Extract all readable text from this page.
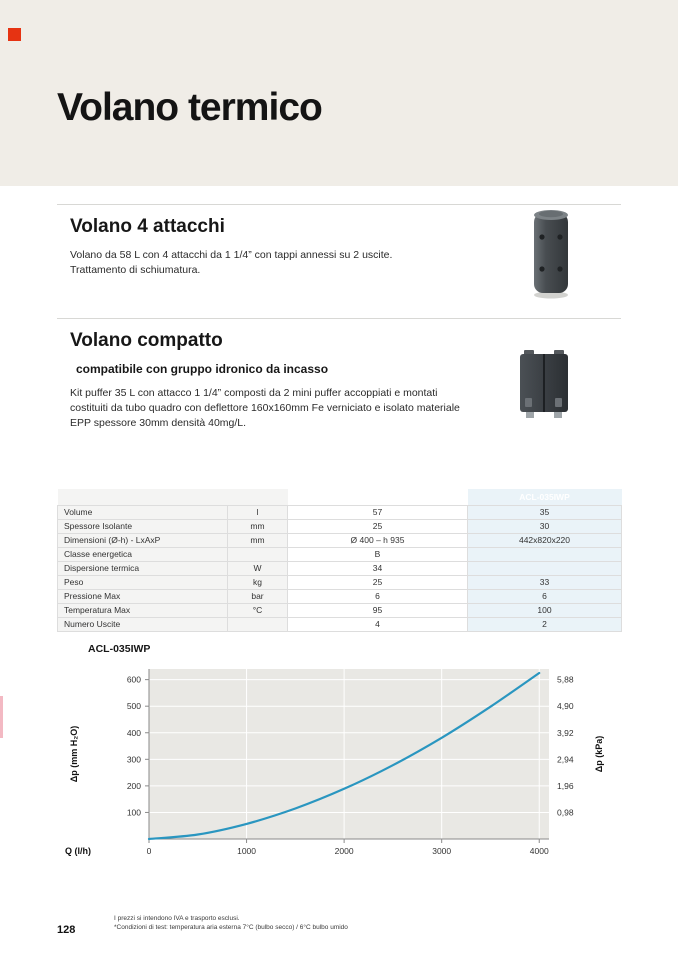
Volano termico
Volano 4 attacchi

Volano da 58 L con 4 attacchi da 1 1/4” con tappi annessi su 2 uscite.

Trattamento di schiumatura.

Volano compatto
compatibile con gruppo idronico da incasso

Kit puffer 35 L con attacco 1 1/4” composti da 2 mini puffer accoppiati e montati costituiti da tubo quadro con deflettore 160x160mm Fe verniciato e isolato materiale EPP spessore 30mm densità 40mg/L.

		ACL-050WP	ACL-035IWP
Volume	l	57	35
Spessore Isolante	mm	25	30
Dimensioni (Ø-h) - LxAxP	mm	Ø 400 – h 935	442x820x220
Classe energetica		B	
Dispersione termica	W	34	
Peso	kg	25	33
Pressione Max	bar	6	6
Temperatura Max	°C	95	100
Numero Uscite		4	2
ACL-035IWP
0	1000	2000	3000	4000
100	0,98
200	1,96
300	2,94
400	3,92
500	4,90
600	5,88
Q (l/h)
Δp (mm H₂O)	Δp (kPa)
I prezzi si intendono IVA e trasporto esclusi.
*Condizioni di test: temperatura aria esterna 7°C (bulbo secco) / 6°C bulbo umido
128
